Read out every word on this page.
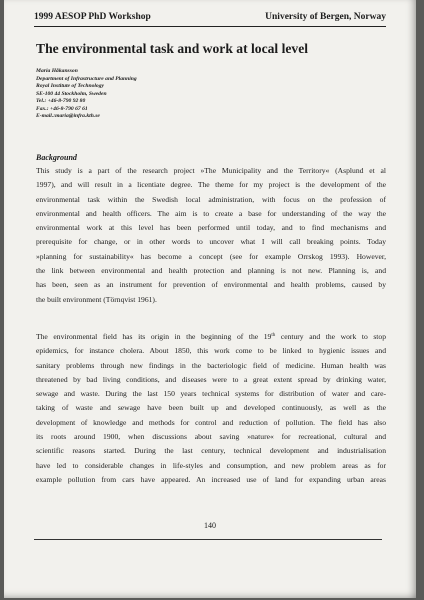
1999 AESOP PhD Workshop	University of Bergen, Norway
The environmental task and work at local level
Maria Håkansson
Department of Infrastructure and Planning
Royal Institute of Technology
SE-100 44 Stockholm, Sweden
Tel.: +46-8-790 92 80
Fax.: +46-8-790 67 61
E-mail.:maria@infra.kth.se
Background
This study is a part of the research project »The Municipality and the Territory« (Asplund et al
1997), and will result in a licentiate degree. The theme for my project is the development of the
environmental task within the Swedish local administration, with focus on the profession of
environmental and health officers. The aim is to create a base for understanding of the way the
environmental work at this level has been performed until today, and to find mechanisms and
prerequisite for change, or in other words to uncover what I will call breaking points. Today
»planning for sustainability« has become a concept (see for example Orrskog 1993). However,
the link between environmental and health protection and planning is not new. Planning is, and
has been, seen as an instrument for prevention of environmental and health problems, caused by
the built environment (Törnqvist 1961).
The environmental field has its origin in the beginning of the 19th century and the work to stop
epidemics, for instance cholera. About 1850, this work come to be linked to hygienic issues and
sanitary problems through new findings in the bacteriologic field of medicine. Human health was
threatened by bad living conditions, and diseases were to a great extent spread by drinking water,
sewage and waste. During the last 150 years technical systems for distribution of water and care-
taking of waste and sewage have been built up and developed continuously, as well as the
development of knowledge and methods for control and reduction of pollution. The field has also
its roots around 1900, when discussions about saving »nature« for recreational, cultural and
scientific reasons started. During the last century, technical development and industrialisation
have led to considerable changes in life-styles and consumption, and new problem areas as for
example pollution from cars have appeared. An increased use of land for expanding urban areas
140
